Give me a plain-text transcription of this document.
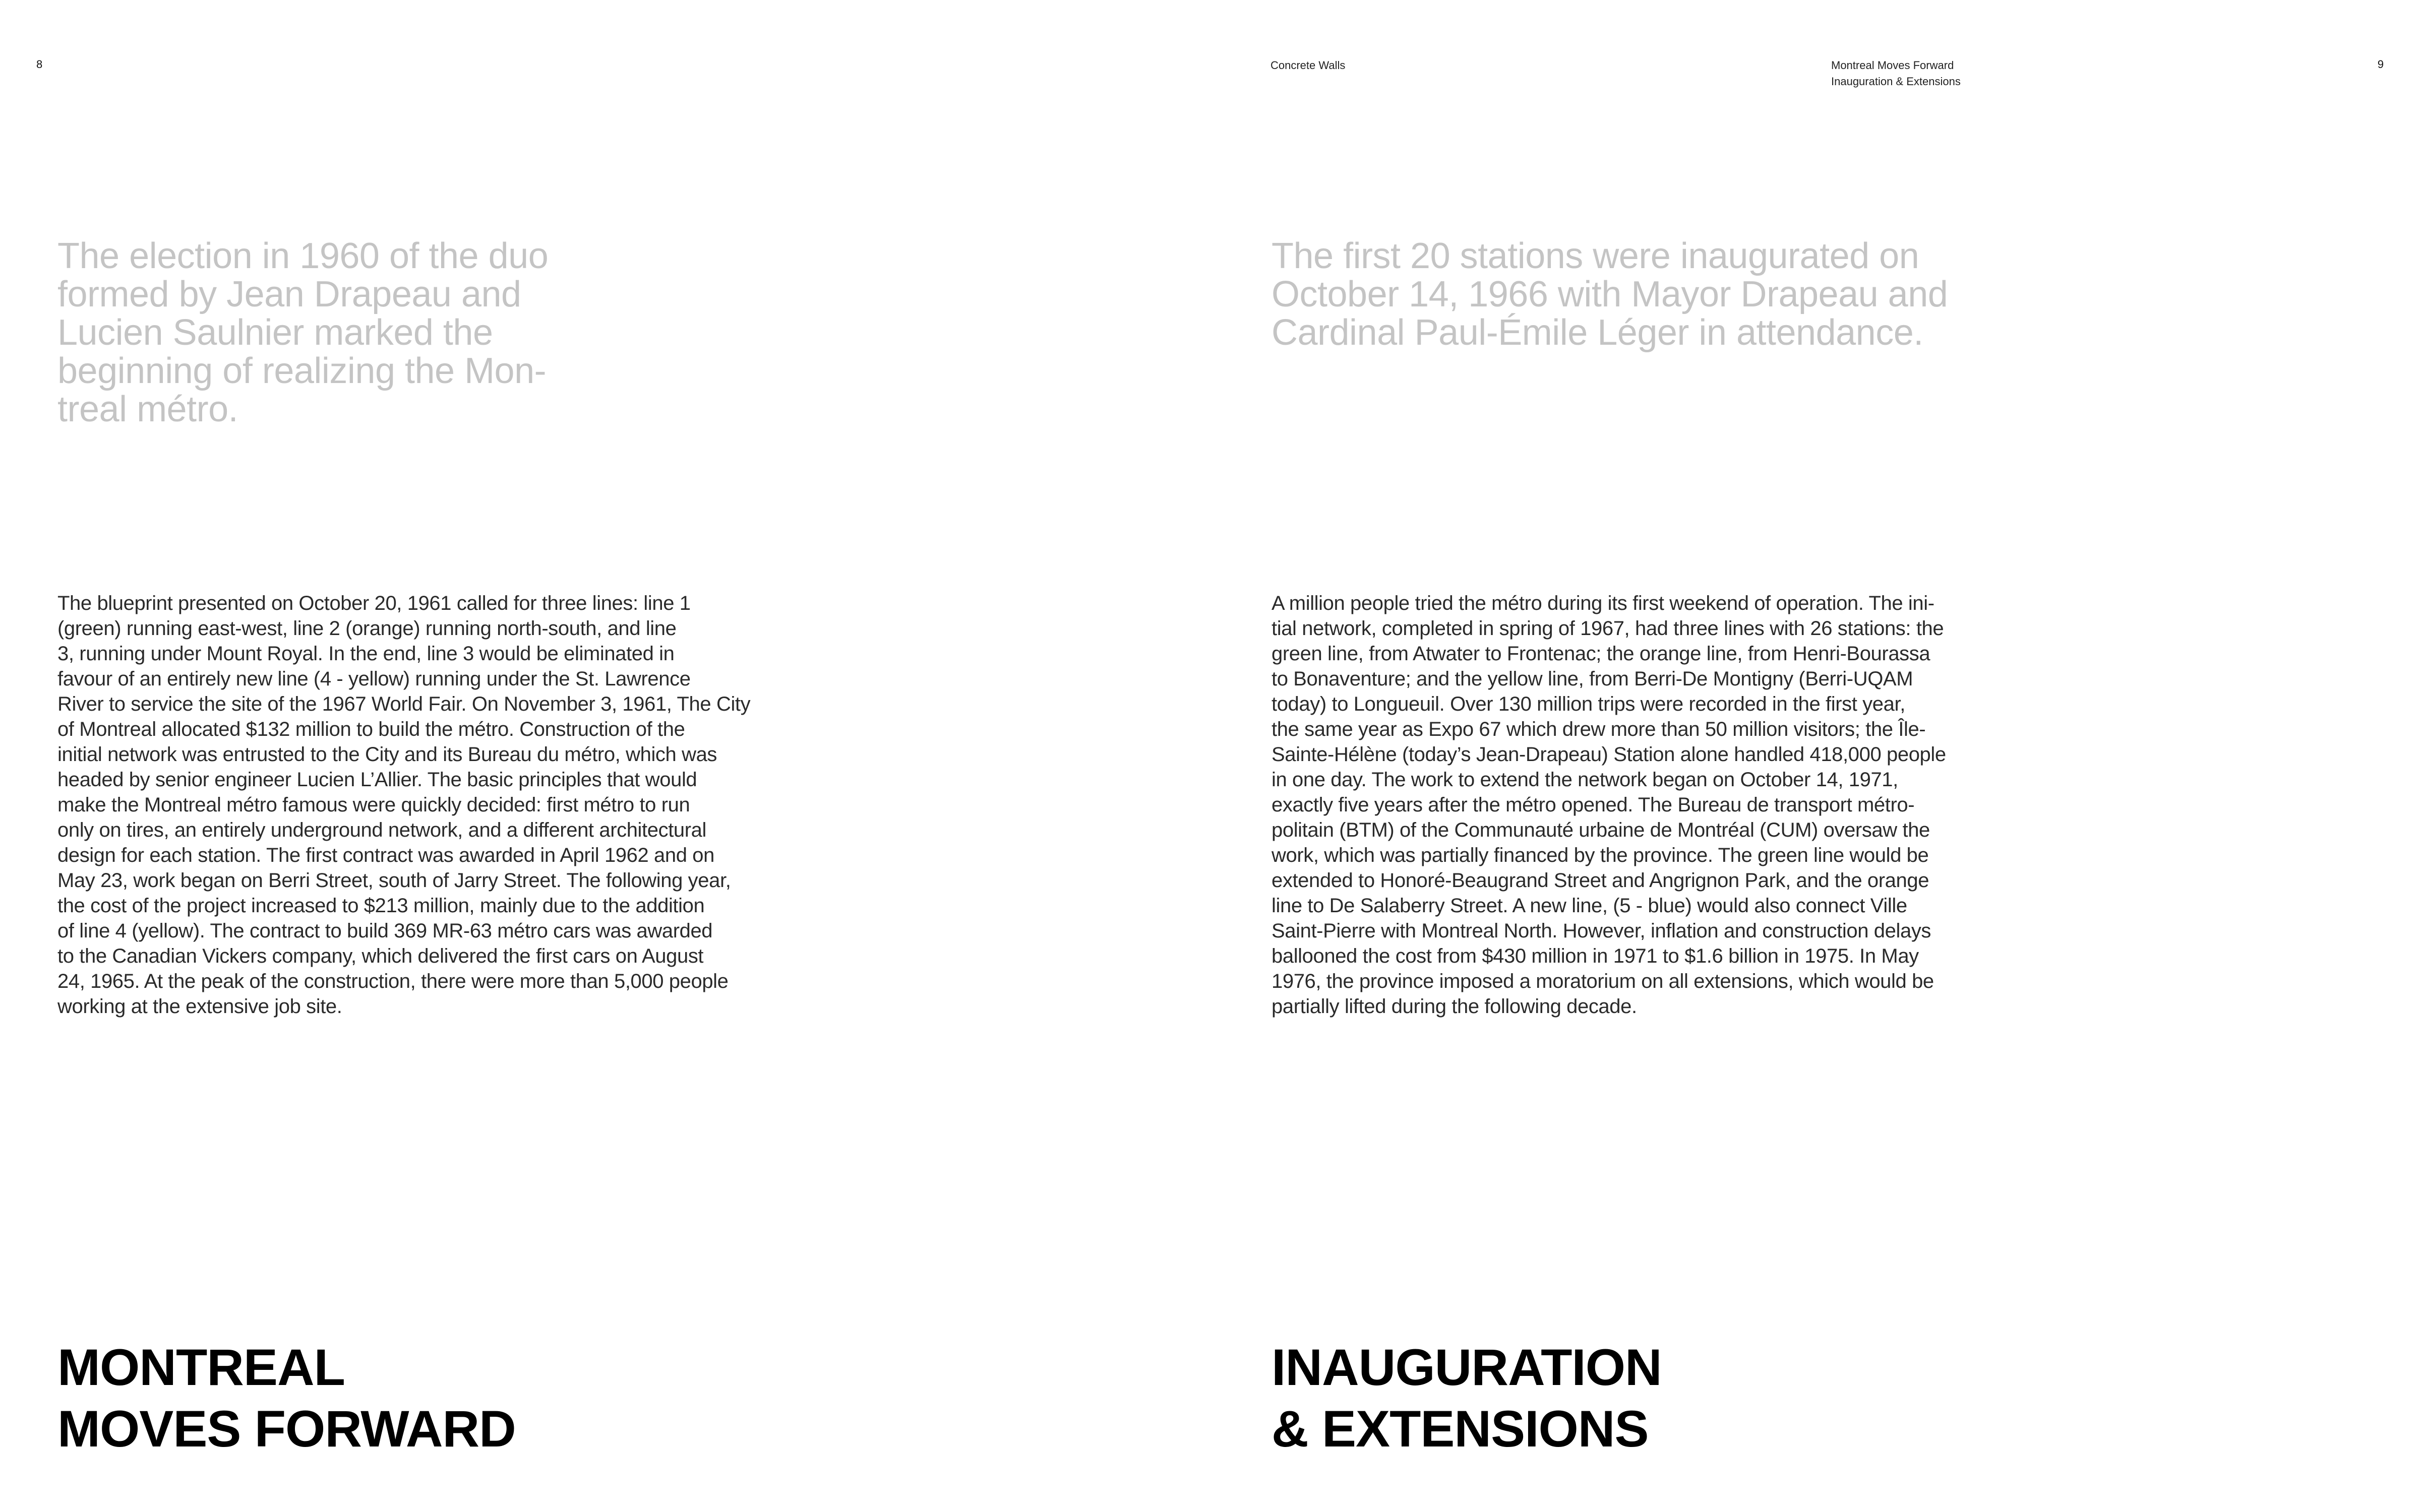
8
The election in 1960 of the duo
formed by Jean Drapeau and
Lucien Saulnier marked the
beginning of realizing the Mon-
treal métro.
The blueprint presented on October 20, 1961 called for three lines: line 1
(green) running east-west, line 2 (orange) running north-south, and line
3, running under Mount Royal. In the end, line 3 would be eliminated in
favour of an entirely new line (4 - yellow) running under the St. Lawrence
River to service the site of the 1967 World Fair. On November 3, 1961, The City
of Montreal allocated $132 million to build the métro. Construction of the
initial network was entrusted to the City and its Bureau du métro, which was
headed by senior engineer Lucien L’Allier. The basic principles that would
make the Montreal métro famous were quickly decided: first métro to run
only on tires, an entirely underground network, and a different architectural
design for each station. The first contract was awarded in April 1962 and on
May 23, work began on Berri Street, south of Jarry Street. The following year,
the cost of the project increased to $213 million, mainly due to the addition
of line 4 (yellow). The contract to build 369 MR-63 métro cars was awarded
to the Canadian Vickers company, which delivered the first cars on August
24, 1965. At the peak of the construction, there were more than 5,000 people
working at the extensive job site.
MONTREAL
MOVES FORWARD
9
The first 20 stations were inaugurated on
October 14, 1966 with Mayor Drapeau and
Cardinal Paul-Émile Léger in attendance.
A million people tried the métro during its first weekend of operation. The ini-
tial network, completed in spring of 1967, had three lines with 26 stations: the
green line, from Atwater to Frontenac; the orange line, from Henri-Bourassa
to Bonaventure; and the yellow line, from Berri-De Montigny (Berri-UQAM
today) to Longueuil. Over 130 million trips were recorded in the first year,
the same year as Expo 67 which drew more than 50 million visitors; the Île-
Sainte-Hélène (today’s Jean-Drapeau) Station alone handled 418,000 people
in one day. The work to extend the network began on October 14, 1971,
exactly five years after the métro opened. The Bureau de transport métro-
politain (BTM) of the Communauté urbaine de Montréal (CUM) oversaw the
work, which was partially financed by the province. The green line would be
extended to Honoré-Beaugrand Street and Angrignon Park, and the orange
line to De Salaberry Street. A new line, (5 - blue) would also connect Ville
Saint-Pierre with Montreal North. However, inflation and construction delays
ballooned the cost from $430 million in 1971 to $1.6 billion in 1975. In May
1976, the province imposed a moratorium on all extensions, which would be
partially lifted during the following decade.
INAUGURATION
& EXTENSIONS
Concrete Walls	Montreal Moves Forward
Inauguration & Extensions
